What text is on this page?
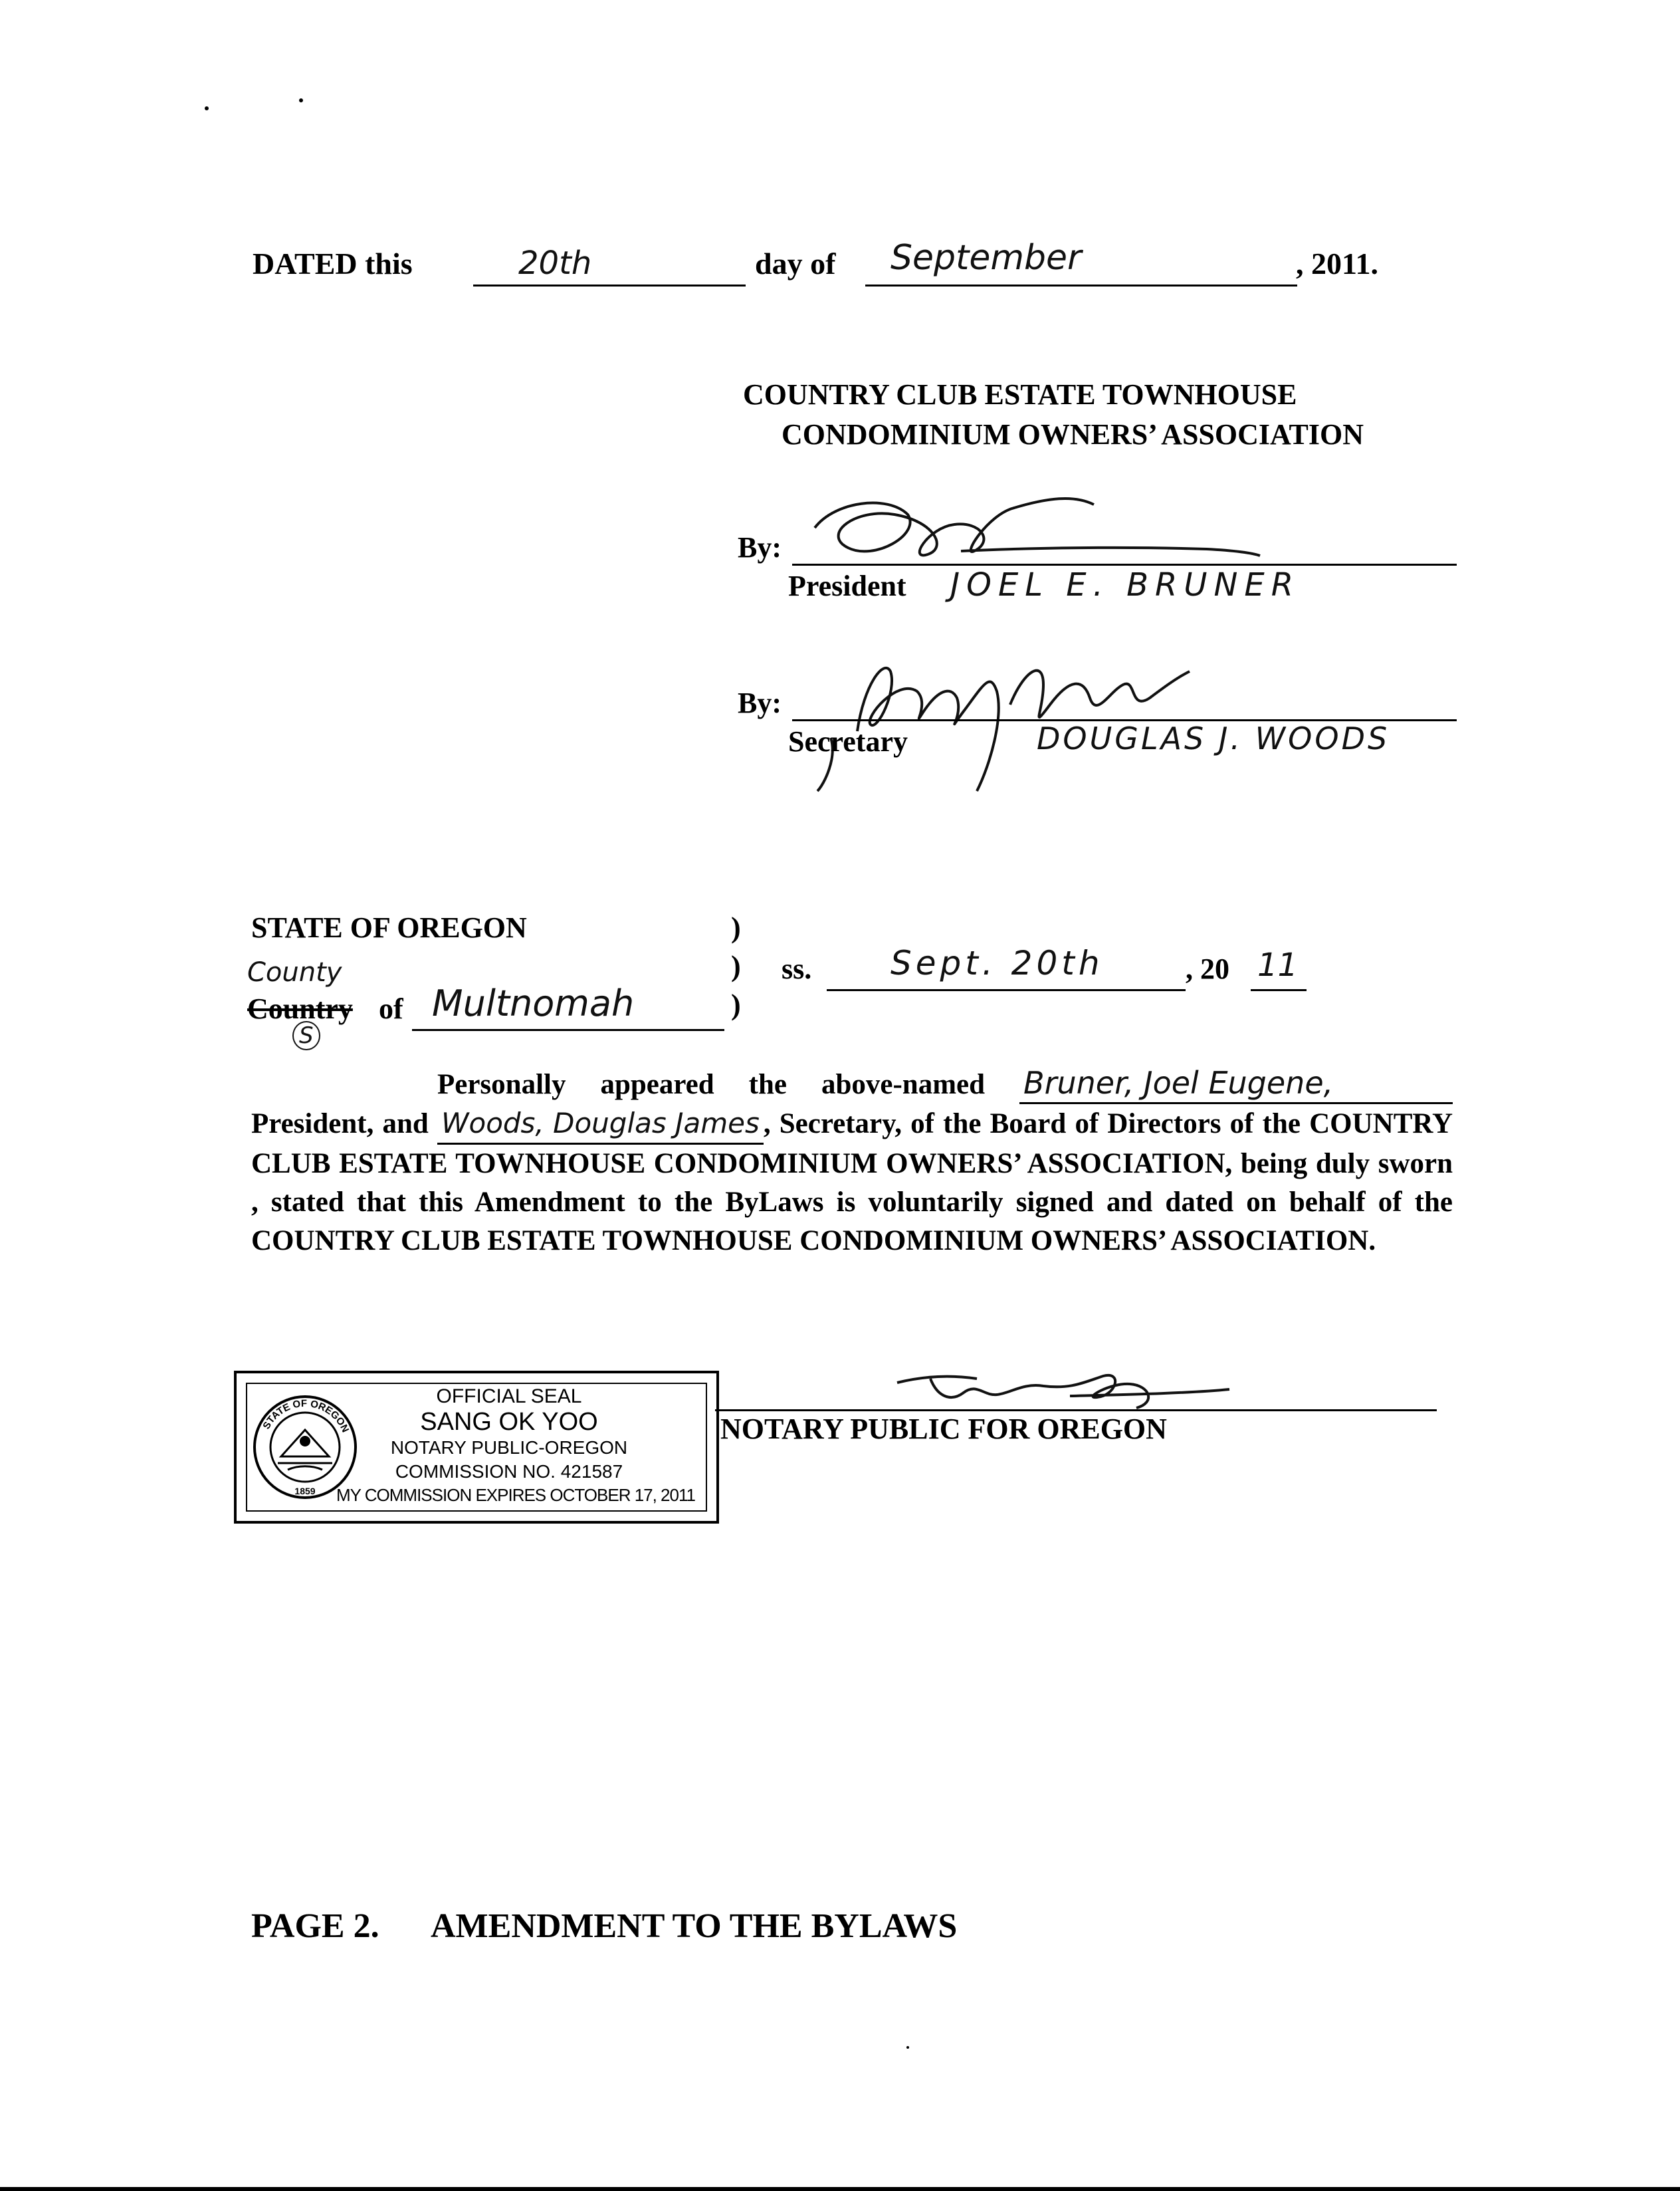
DATED this	20th	day of September	, 2011.
COUNTRY CLUB ESTATE TOWNHOUSE
CONDOMINIUM OWNERS’ ASSOCIATION
By:
President JOEL E. BRUNER
By:
Secretary	DOUGLAS J. WOODS
STATE OF OREGON	)
)
)
County
Country
S
of Multnomah
ss. Sept. 20th	, 20 11
Personally appeared the above-named Bruner, Joel Eugene, President, and Woods, Douglas James , Secretary, of the Board of Directors of the COUNTRY CLUB ESTATE TOWNHOUSE CONDOMINIUM OWNERS’ ASSOCIATION, being duly sworn , stated that this Amendment to the ByLaws is voluntarily signed and dated on behalf of the COUNTRY CLUB ESTATE TOWNHOUSE CONDOMINIUM OWNERS’ ASSOCIATION.
STATE OF OREGON
1859
OFFICIAL SEAL
SANG OK YOO
NOTARY PUBLIC-OREGON
COMMISSION NO. 421587
MY COMMISSION EXPIRES OCTOBER 17, 2011
NOTARY PUBLIC FOR OREGON
PAGE 2. AMENDMENT TO THE BYLAWS
